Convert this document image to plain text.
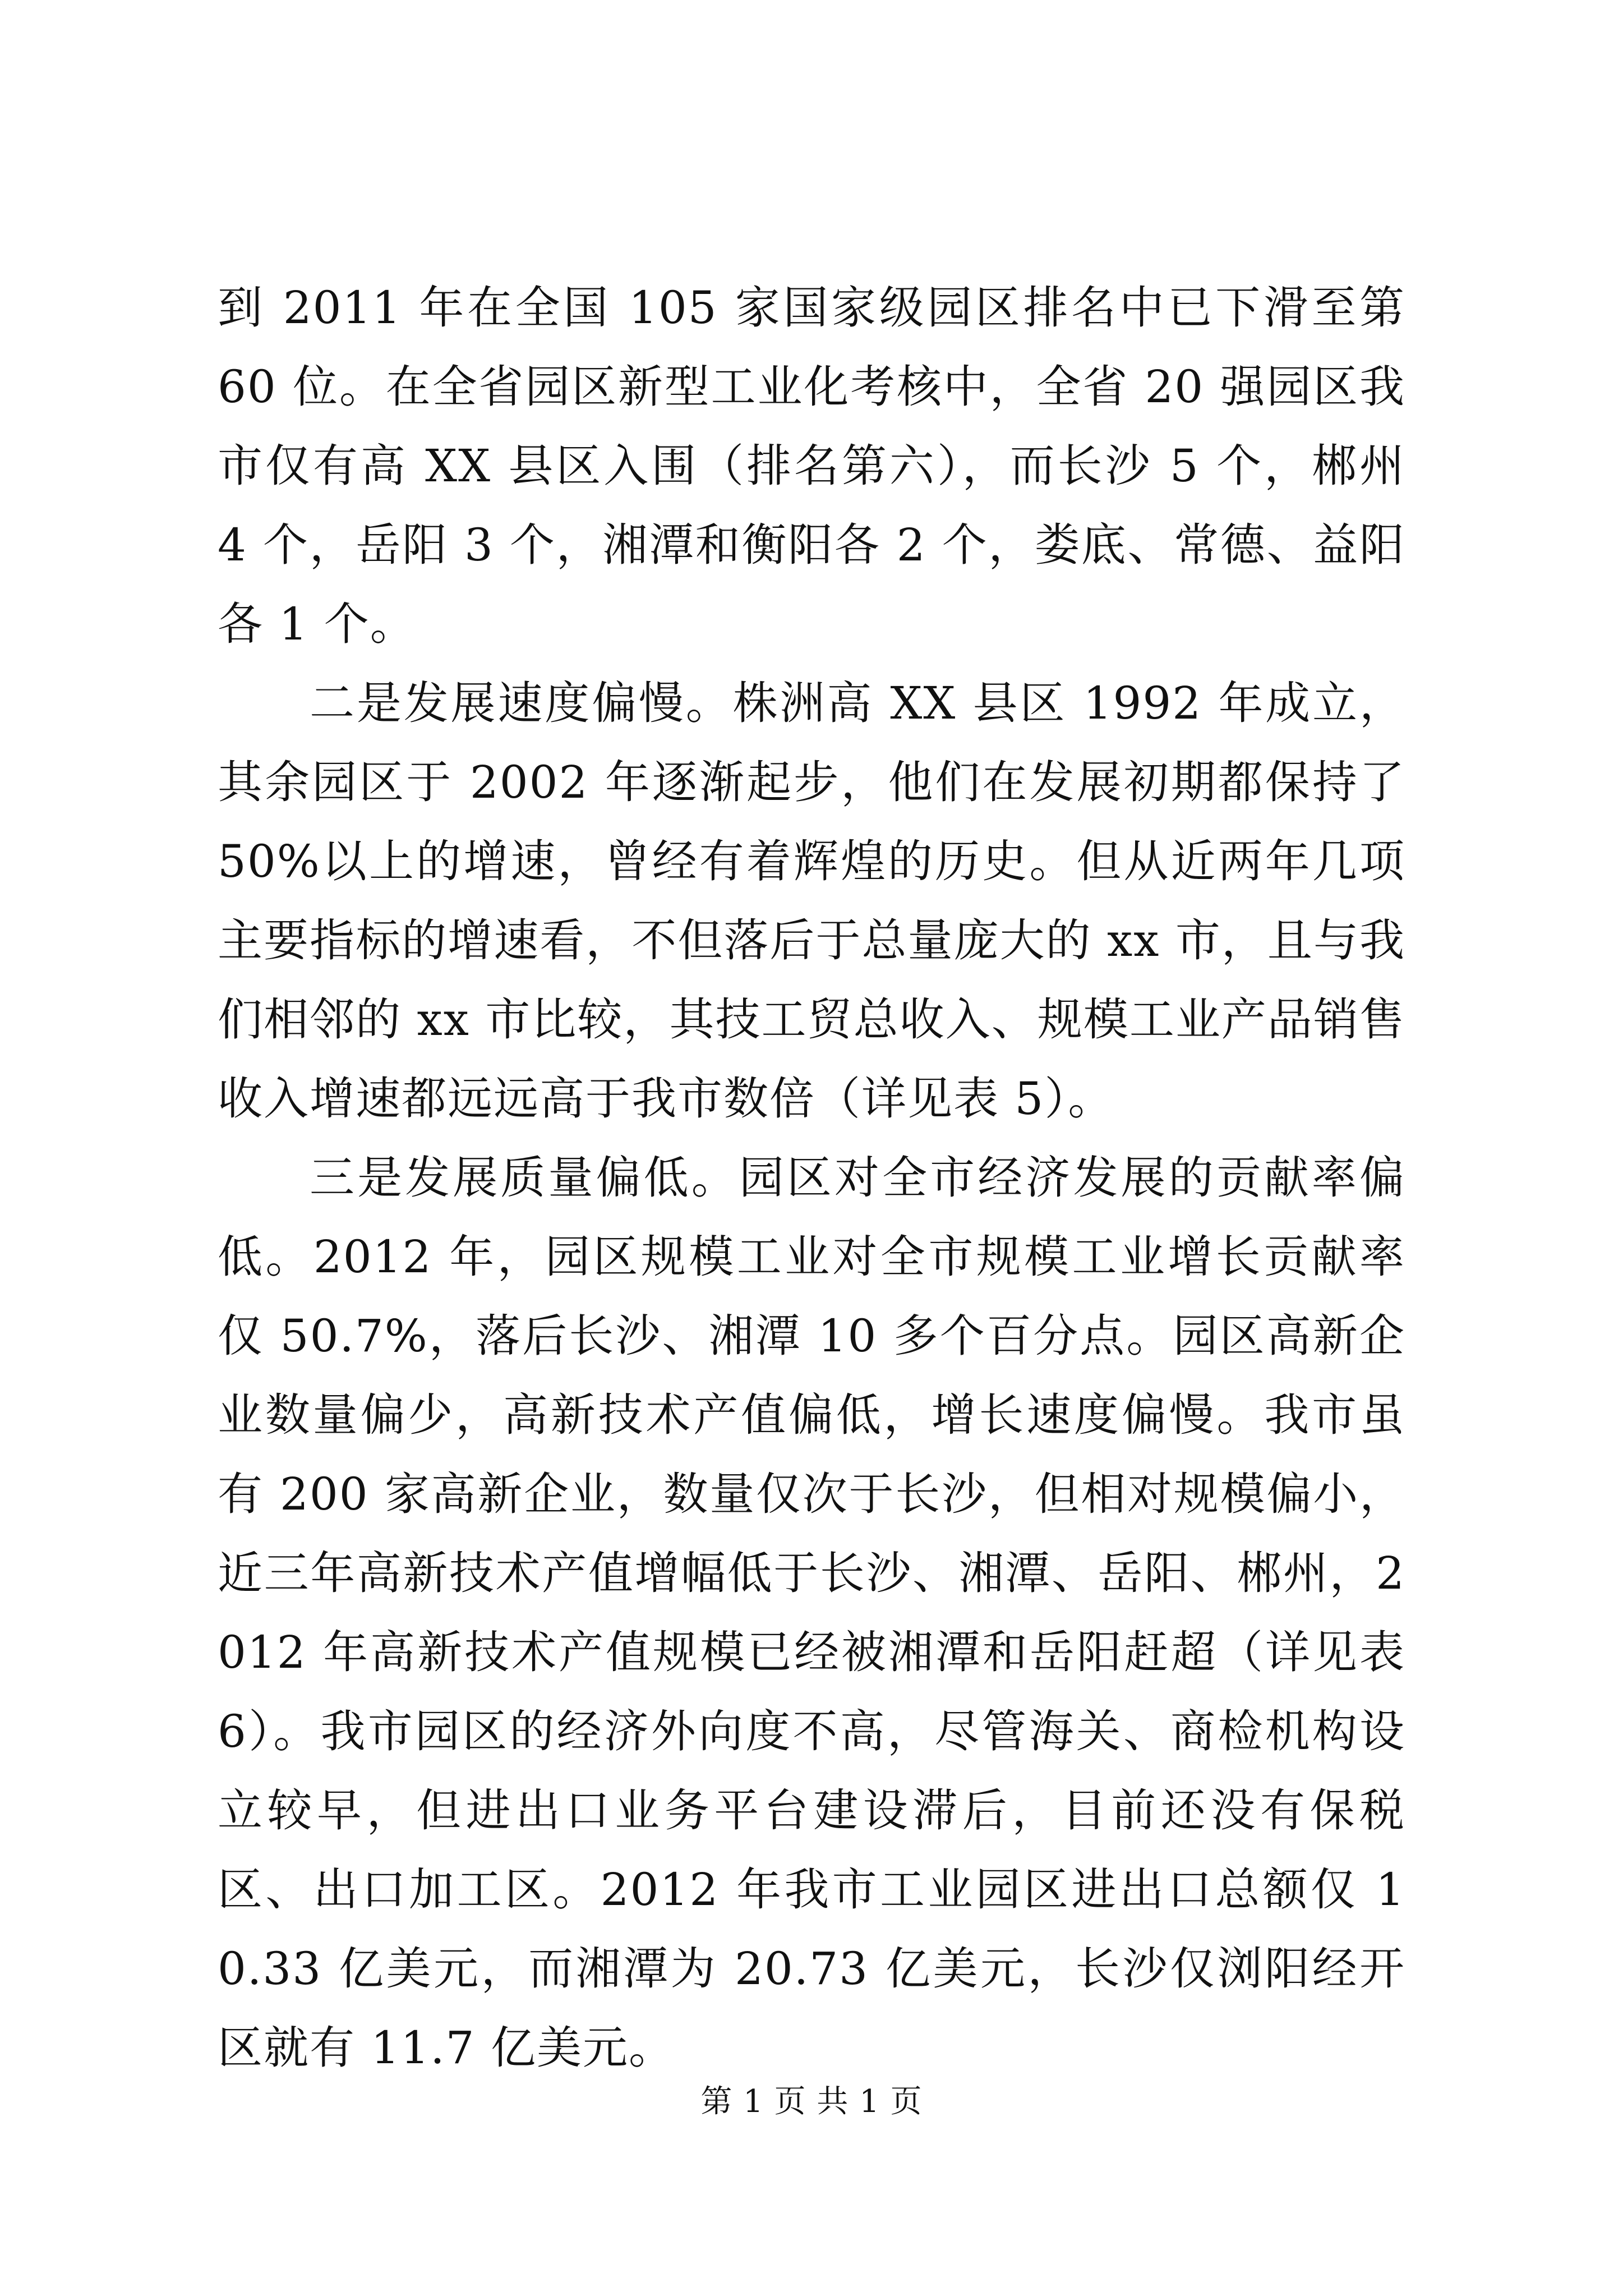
到 2011 年在全国 105 家国家级园区排名中已下滑至第 60 位。在全省园区新型工业化考核中，全省 20 强园区我市仅有高 XX 县区入围（排名第六），而长沙 5 个，郴州 4 个，岳阳 3 个，湘潭和衡阳各 2 个，娄底、常德、益阳各 1 个。

二是发展速度偏慢。株洲高 XX 县区 1992 年成立，其余园区于 2002 年逐渐起步，他们在发展初期都保持了 50%以上的增速，曾经有着辉煌的历史。但从近两年几项主要指标的增速看，不但落后于总量庞大的 xx 市，且与我们相邻的 xx 市比较，其技工贸总收入、规模工业产品销售收入增速都远远高于我市数倍（详见表 5）。

三是发展质量偏低。园区对全市经济发展的贡献率偏低。2012 年，园区规模工业对全市规模工业增长贡献率仅 50.7%，落后长沙、湘潭 10 多个百分点。园区高新企业数量偏少，高新技术产值偏低，增长速度偏慢。我市虽有 200 家高新企业，数量仅次于长沙，但相对规模偏小，近三年高新技术产值增幅低于长沙、湘潭、岳阳、郴州，2012 年高新技术产值规模已经被湘潭和岳阳赶超（详见表 6）。我市园区的经济外向度不高，尽管海关、商检机构设立较早，但进出口业务平台建设滞后，目前还没有保税区、出口加工区。2012 年我市工业园区进出口总额仅 10.33 亿美元，而湘潭为 20.73 亿美元，长沙仅浏阳经开区就有 11.7 亿美元。

第 1 页 共 1 页
